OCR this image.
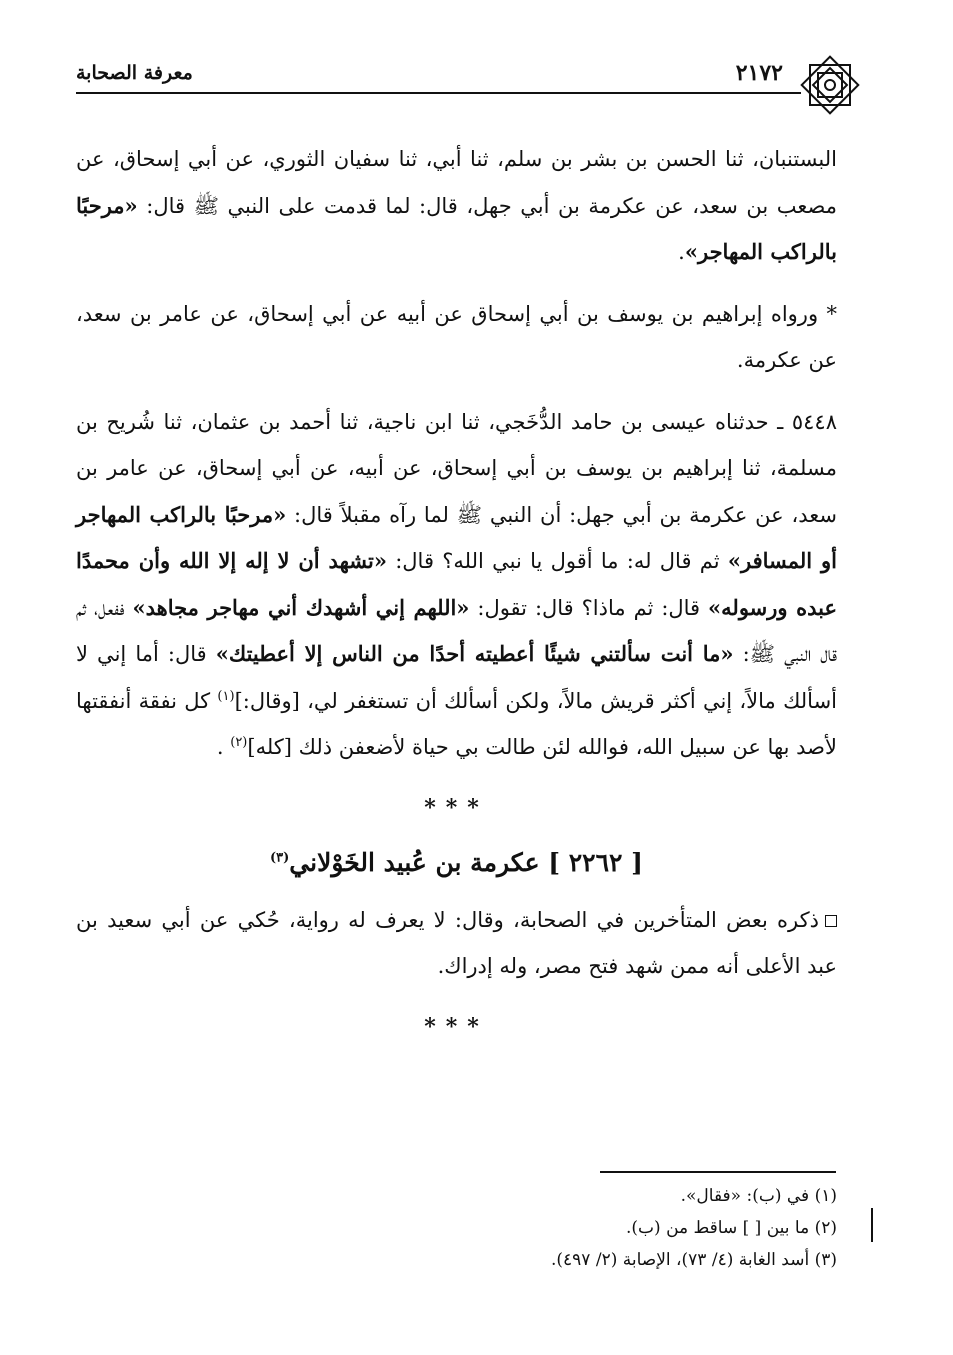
معرفة الصحابة	٢١٧٢

البستنبان، ثنا الحسن بن بشر بن سلم، ثنا أبي، ثنا سفيان الثوري، عن أبي إسحاق، عن مصعب بن سعد، عن عكرمة بن أبي جهل، قال: لما قدمت على النبي ﷺ قال: «مرحبًا بالراكب المهاجر».

* ورواه إبراهيم بن يوسف بن أبي إسحاق عن أبيه عن أبي إسحاق، عن عامر بن سعد، عن عكرمة.

٥٤٤٨ ـ حدثناه عيسى بن حامد الدُّخَجي، ثنا ابن ناجية، ثنا أحمد بن عثمان، ثنا شُريح بن مسلمة، ثنا إبراهيم بن يوسف بن أبي إسحاق، عن أبيه، عن أبي إسحاق، عن عامر بن سعد، عن عكرمة بن أبي جهل: أن النبي ﷺ لما رآه مقبلاً قال: «مرحبًا بالراكب المهاجر أو المسافر» ثم قال له: ما أقول يا نبي الله؟ قال: «تشهد أن لا إله إلا الله وأن محمدًا عبده ورسوله» قال: ثم ماذا؟ قال: تقول: «اللهم إني أشهدك أني مهاجر مجاهد» ففعل، ثم قال النبي ﷺ: «ما أنت سألتني شيئًا أعطيته أحدًا من الناس إلا أعطيتك» قال: أما إني لا أسألك مالاً، إني أكثر قريش مالاً، ولكن أسألك أن تستغفر لي، [وقال:]$^{(١)}$ كل نفقة أنفقتها لأصد بها عن سبيل الله، فوالله لئن طالت بي حياة لأضعفن ذلك [كله]$^{(٢)}$ .

***
[ ٢٢٦٢ ] عكرمة بن عُبيد الخَوْلاني$^{(٣)}$

ذكره بعض المتأخرين في الصحابة، وقال: لا يعرف له رواية، حُكي عن أبي سعيد بن عبد الأعلى أنه ممن شهد فتح مصر، وله إدراك.

***
(١) في (ب): «فقال».
(٢) ما بين [ ] ساقط من (ب).
(٣) أسد الغابة (٤/ ٧٣)، الإصابة (٢/ ٤٩٧).
